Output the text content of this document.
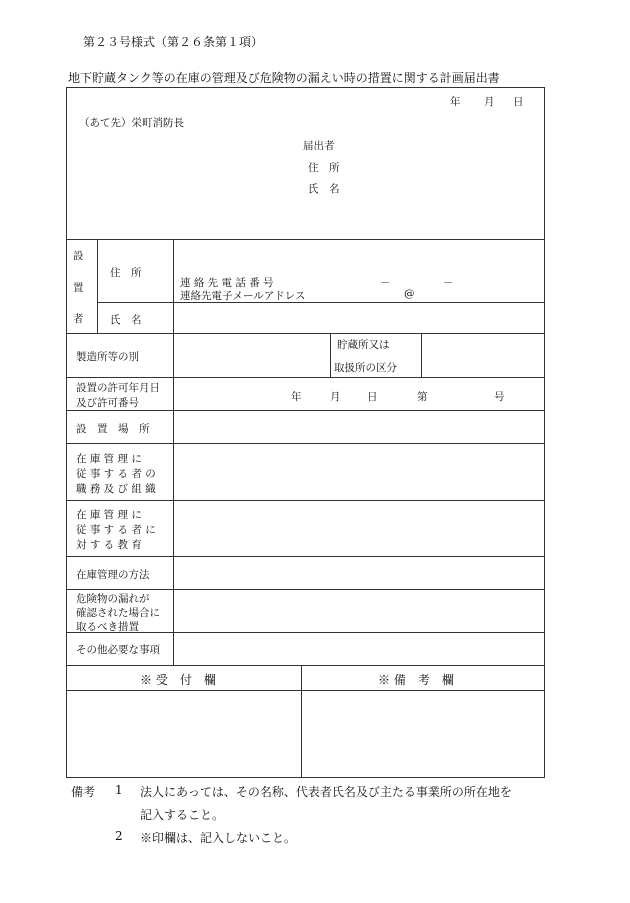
第２３号様式（第２６条第１項）
地下貯蔵タンク等の在庫の管理及び危険物の漏えい時の措置に関する計画届出書
年 月 日
（あて先）栄町消防長
届出者
住　所
氏　名
設
置
者
住　所
連 絡 先 電 話 番 号	－	－
連絡先電子メールアドレス	@
氏　名
製造所等の別
貯蔵所又は
取扱所の区分
設置の許可年月日
及び許可番号	年	月	日	第	号
設　置　場　所
在 庫 管 理 に
従 事 す る 者 の
職 務 及 び 組 織
在 庫 管 理 に
従 事 す る 者 に
対 す る 教 育
在庫管理の方法
危険物の漏れが
確認された場合に
取るべき措置
その他必要な事項
※ 受　付　欄	※ 備　考　欄
備考 1 法人にあっては、その名称、代表者氏名及び主たる事業所の所在地を
記入すること。
2 ※印欄は、記入しないこと。
